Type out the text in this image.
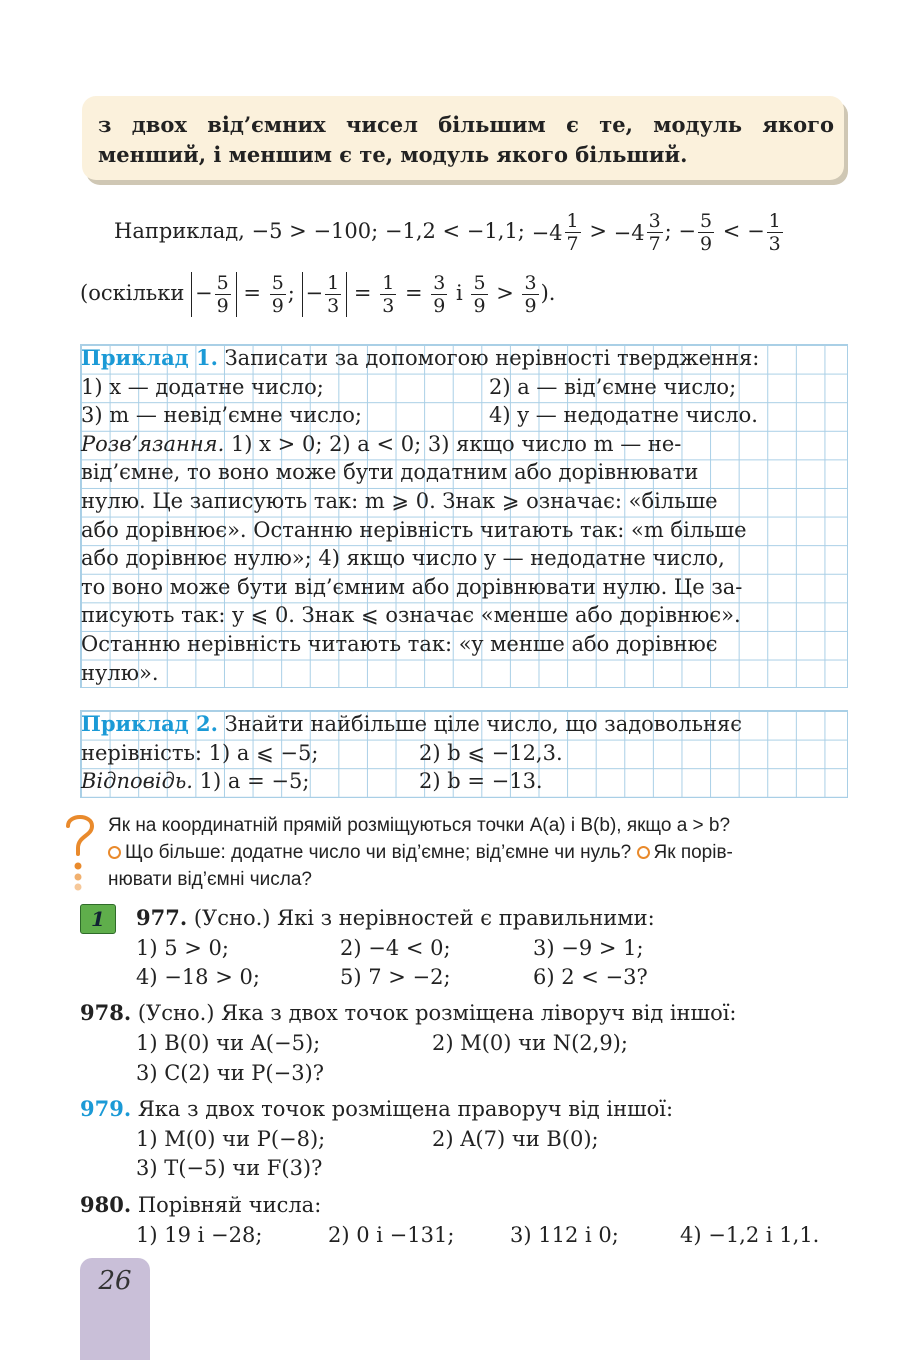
з двох від’ємних чисел більшим є те, модуль якого менший, і меншим є те, модуль якого більший.
Наприклад, −5 > −100; −1,2 < −1,1; $-4 \frac{1}{7} > -4 \frac{3}{7}$ ; − $\frac{5}{9}$ < − $\frac{1}{3}$
(оскільки − $\frac{5}{9} = \frac{5}{9}$ ; − $\frac{1}{3} = \frac{1}{3} = \frac{3}{9}$ і $\frac{5}{9} > \frac{3}{9}$ ).
Приклад 1. Записати за допомогою нерівності твердження:
1) x — додатне число;	2) a — від’ємне число;
3) m — невід’ємне число;	4) y — недодатне число.
Розв’язання. 1) x > 0; 2) a < 0; 3) якщо число m — не-
від’ємне, то воно може бути додатним або дорівнювати
нулю. Це записують так: m ⩾ 0. Знак ⩾ означає: «більше
або дорівнює». Останню нерівність читають так: «m більше
або дорівнює нулю»; 4) якщо число y — недодатне число,
то воно може бути від’ємним або дорівнювати нулю. Це за-
писують так: y ⩽ 0. Знак ⩽ означає «менше або дорівнює».
Останню нерівність читають так: «y менше або дорівнює
нулю».
Приклад 2. Знайти найбільше ціле число, що задовольняє
нерівність: 1) a ⩽ −5;	2) b ⩽ −12,3.
Відповідь. 1) a = −5;	2) b = −13.
Як на координатній прямій розміщуються точки A(a) і B(b), якщо a > b?
Що більше: додатне число чи від’ємне; від’ємне чи нуль? Як порів-
нювати від’ємні числа?
1	977. (Усно.) Які з нерівностей є правильними:
1) 5 > 0;	2) −4 < 0;	3) −9 > 1;
4) −18 > 0;	5) 7 > −2;	6) 2 < −3?
978. (Усно.) Яка з двох точок розміщена ліворуч від іншої:
1) B(0) чи A(−5);	2) M(0) чи N(2,9);
3) C(2) чи P(−3)?
979. Яка з двох точок розміщена праворуч від іншої:
1) M(0) чи P(−8);	2) A(7) чи B(0);
3) T(−5) чи F(3)?
980. Порівняй числа:
1) 19 і −28;	2) 0 і −131;	3) 112 і 0;	4) −1,2 і 1,1.
26
